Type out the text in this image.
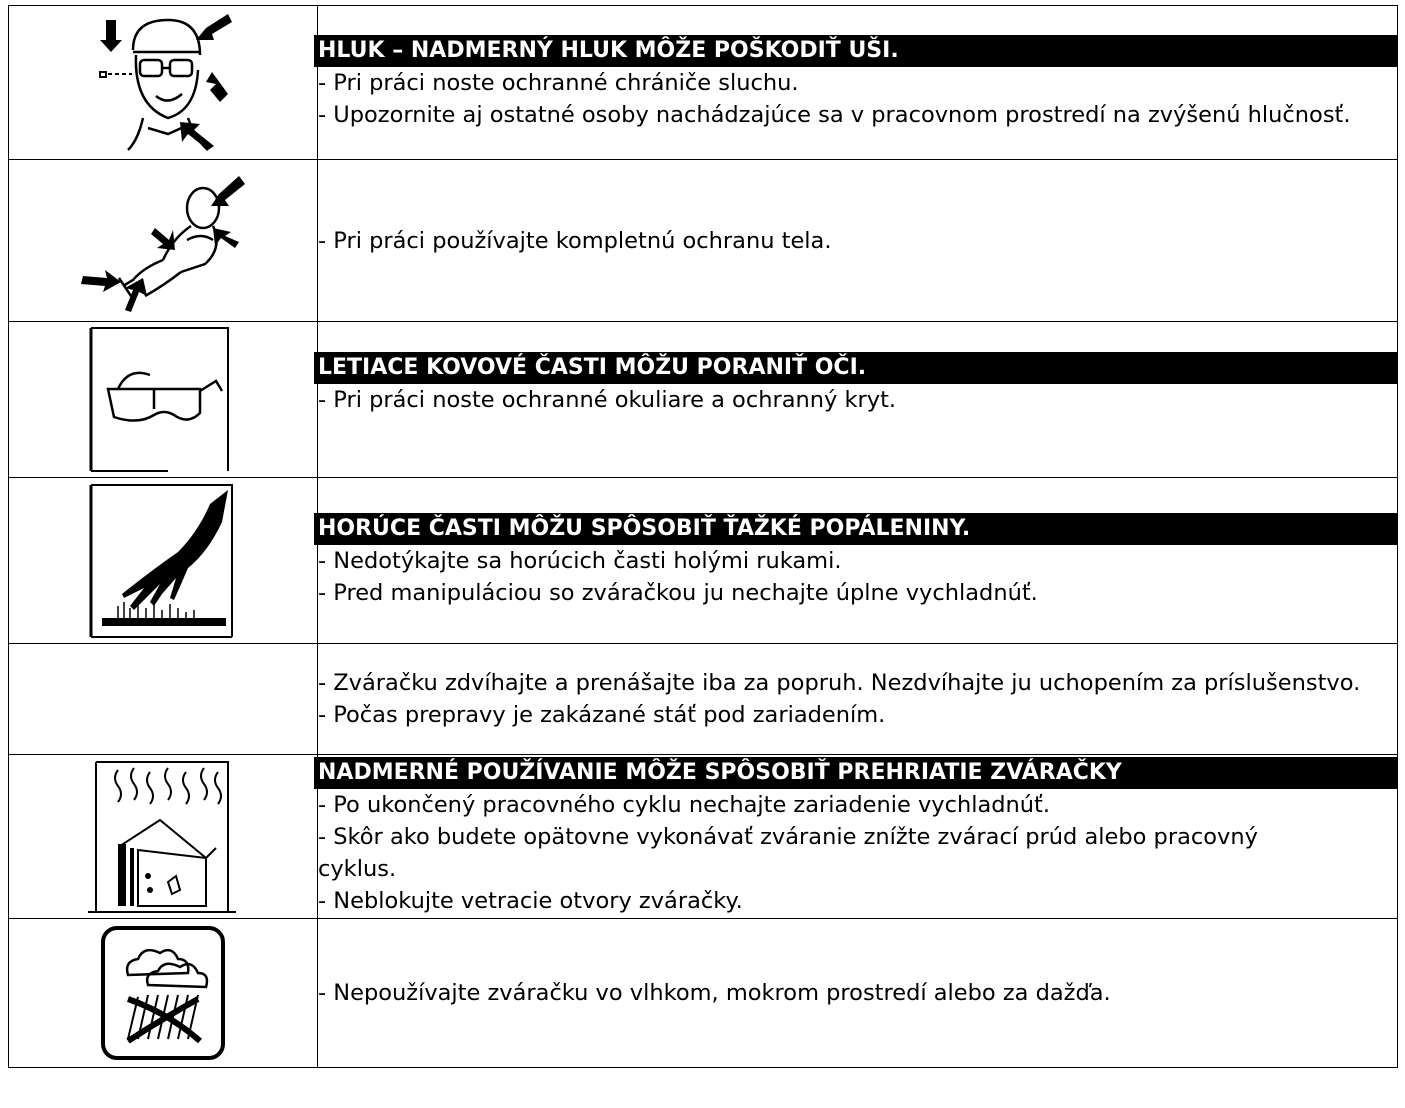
HLUK – NADMERNÝ HLUK MÔŽE POŠKODIŤ UŠI.
- Pri práci noste ochranné chrániče sluchu.
- Upozornite aj ostatné osoby nachádzajúce sa v pracovnom prostredí na zvýšenú hlučnosť.

- Pri práci používajte kompletnú ochranu tela.

LETIACE KOVOVÉ ČASTI MÔŽU PORANIŤ OČI.
- Pri práci noste ochranné okuliare a ochranný kryt.

HORÚCE ČASTI MÔŽU SPÔSOBIŤ ŤAŽKÉ POPÁLENINY.
- Nedotýkajte sa horúcich časti holými rukami.
- Pred manipuláciou so zváračkou ju nechajte úplne vychladnúť.

	- Zváračku zdvíhajte a prenášajte iba za popruh. Nezdvíhajte ju uchopením za príslušenstvo.
- Počas prepravy je zakázané stáť pod zariadením.

NADMERNÉ POUŽÍVANIE MÔŽE SPÔSOBIŤ PREHRIATIE ZVÁRAČKY
- Po ukončený pracovného cyklu nechajte zariadenie vychladnúť.
- Skôr ako budete opätovne vykonávať zváranie znížte zvárací prúd alebo pracovný cyklus.
- Neblokujte vetracie otvory zváračky.

- Nepoužívajte zváračku vo vlhkom, mokrom prostredí alebo za dažďa.
